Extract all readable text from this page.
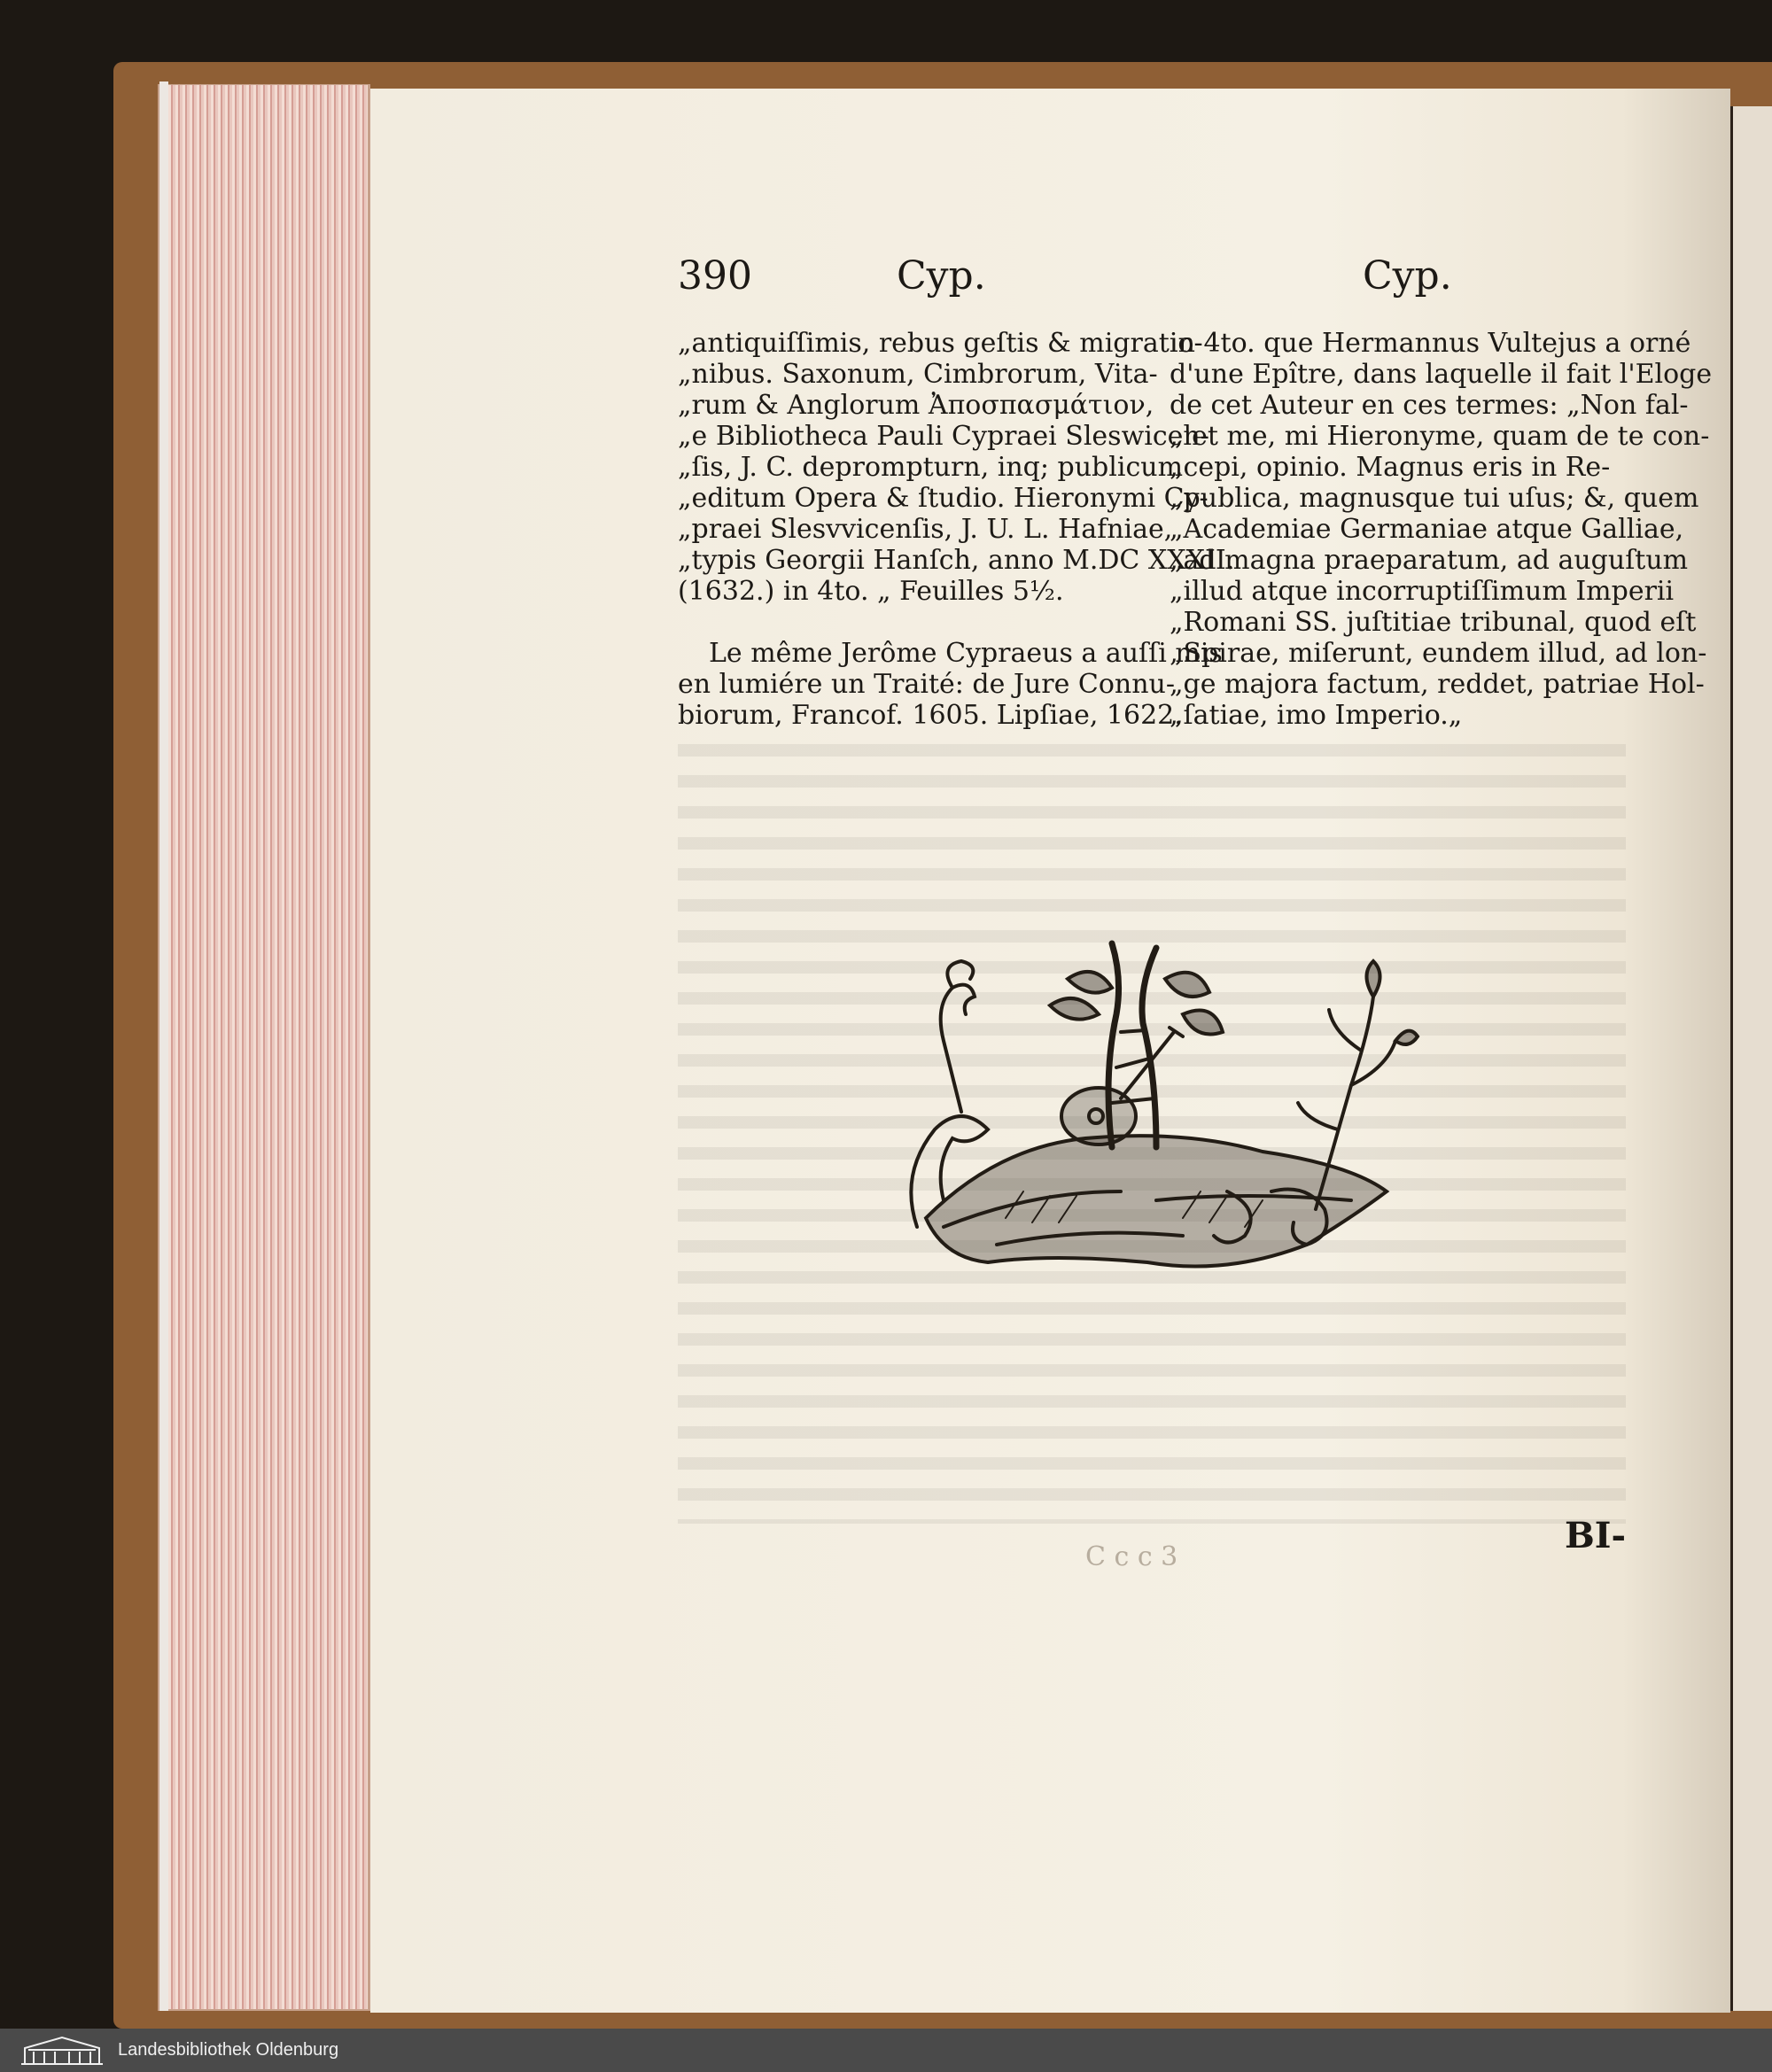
390	Cyp.	Cyp.
„antiquiſſimis, rebus geſtis & migratio-
„nibus. Saxonum, Cimbrorum, Vita-
„rum & Anglorum Ἀποσπασμάτιον,
„e Bibliotheca Pauli Cypraei Sleswicen-
„ſis, J. C. deprompturn, inq; publicum
„editum Opera & ſtudio. Hieronymi Cy-
„praei Slesvvicenſis, J. U. L. Hafniae,
„typis Georgii Hanſch, anno M.DC XXXII.
(1632.) in 4to. „ Feuilles 5½.
Le même Jerôme Cypraeus a auſſi mis
en lumiére un Traité: de Jure Connu-
biorum, Francof. 1605. Lipſiae, 1622.
in 4to. que Hermannus Vultejus a orné
d'une Epître, dans laquelle il fait l'Eloge
de cet Auteur en ces termes: „Non fal-
„let me, mi Hieronyme, quam de te con-
„cepi, opinio. Magnus eris in Re-
„publica, magnusque tui uſus; &, quem
„Academiae Germaniae atque Galliae,
„ad magna praeparatum, ad auguſtum
„illud atque incorruptiſſimum Imperii
„Romani SS. juſtitiae tribunal, quod eſt
„Spirae, miſerunt, eundem illud, ad lon-
„ge majora factum, reddet, patriae Hol-
„ſatiae, imo Imperio.„
C c c 3
BI-
Landesbibliothek Oldenburg
